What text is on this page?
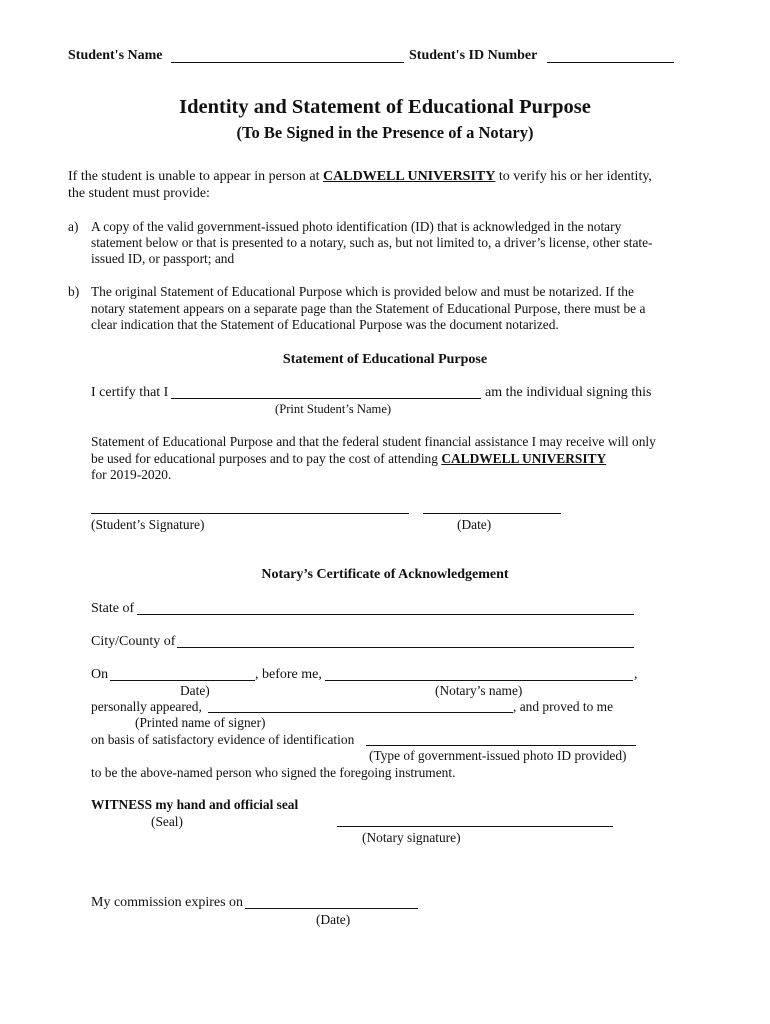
Student's Name	Student's ID Number
Identity and Statement of Educational Purpose
(To Be Signed in the Presence of a Notary)
If the student is unable to appear in person at CALDWELL UNIVERSITY to verify his or her identity,
the student must provide:
a) A copy of the valid government-issued photo identification (ID) that is acknowledged in the notary
statement below or that is presented to a notary, such as, but not limited to, a driver’s license, other state-
issued ID, or passport; and
b) The original Statement of Educational Purpose which is provided below and must be notarized. If the
notary statement appears on a separate page than the Statement of Educational Purpose, there must be a
clear indication that the Statement of Educational Purpose was the document notarized.
Statement of Educational Purpose
I certify that I	am the individual signing this
(Print Student’s Name)
Statement of Educational Purpose and that the federal student financial assistance I may receive will only
be used for educational purposes and to pay the cost of attending CALDWELL UNIVERSITY
for 2019-2020.
(Student’s Signature)	(Date)
Notary’s Certificate of Acknowledgement
State of
City/County of
On	, before me,	,
Date)	(Notary’s name)
personally appeared,	, and proved to me
(Printed name of signer)
on basis of satisfactory evidence of identification
(Type of government-issued photo ID provided)
to be the above-named person who signed the foregoing instrument.
WITNESS my hand and official seal
(Seal)
(Notary signature)
My commission expires on
(Date)
